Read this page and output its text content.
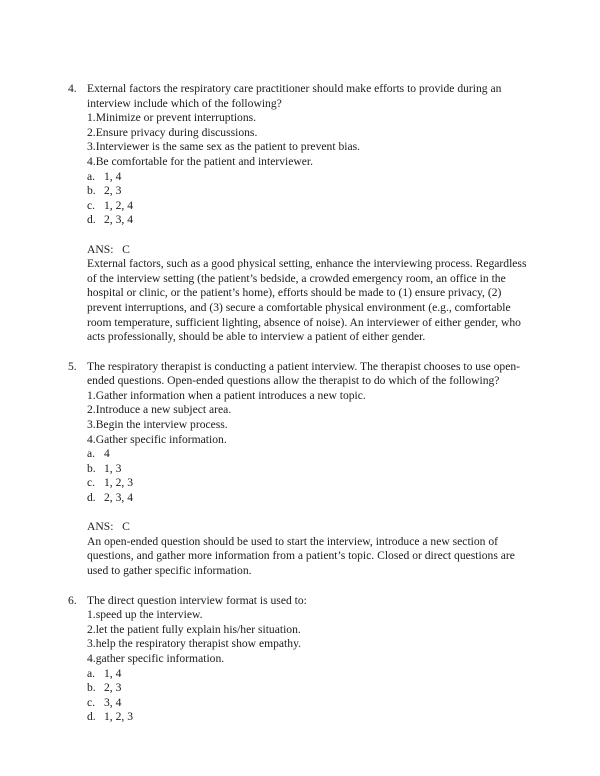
4. External factors the respiratory care practitioner should make efforts to provide during an interview include which of the following?

1. Minimize or prevent interruptions.
2. Ensure privacy during discussions.
3. Interviewer is the same sex as the patient to prevent bias.
4. Be comfortable for the patient and interviewer.
a. 1, 4
b. 2, 3
c. 1, 2, 4
d. 2, 3, 4
ANS:   C

External factors, such as a good physical setting, enhance the interviewing process. Regardless of the interview setting (the patient’s bedside, a crowded emergency room, an office in the hospital or clinic, or the patient’s home), efforts should be made to (1) ensure privacy, (2) prevent interruptions, and (3) secure a comfortable physical environment (e.g., comfortable room temperature, sufficient lighting, absence of noise). An interviewer of either gender, who acts professionally, should be able to interview a patient of either gender.

5. The respiratory therapist is conducting a patient interview. The therapist chooses to use open-ended questions. Open-ended questions allow the therapist to do which of the following?

1. Gather information when a patient introduces a new topic.
2. Introduce a new subject area.
3. Begin the interview process.
4. Gather specific information.
a. 4
b. 1, 3
c. 1, 2, 3
d. 2, 3, 4
ANS:   C

An open-ended question should be used to start the interview, introduce a new section of questions, and gather more information from a patient’s topic. Closed or direct questions are used to gather specific information.

6. The direct question interview format is used to:

1. speed up the interview.
2. let the patient fully explain his/her situation.
3. help the respiratory therapist show empathy.
4. gather specific information.
a. 1, 4
b. 2, 3
c. 3, 4
d. 1, 2, 3
